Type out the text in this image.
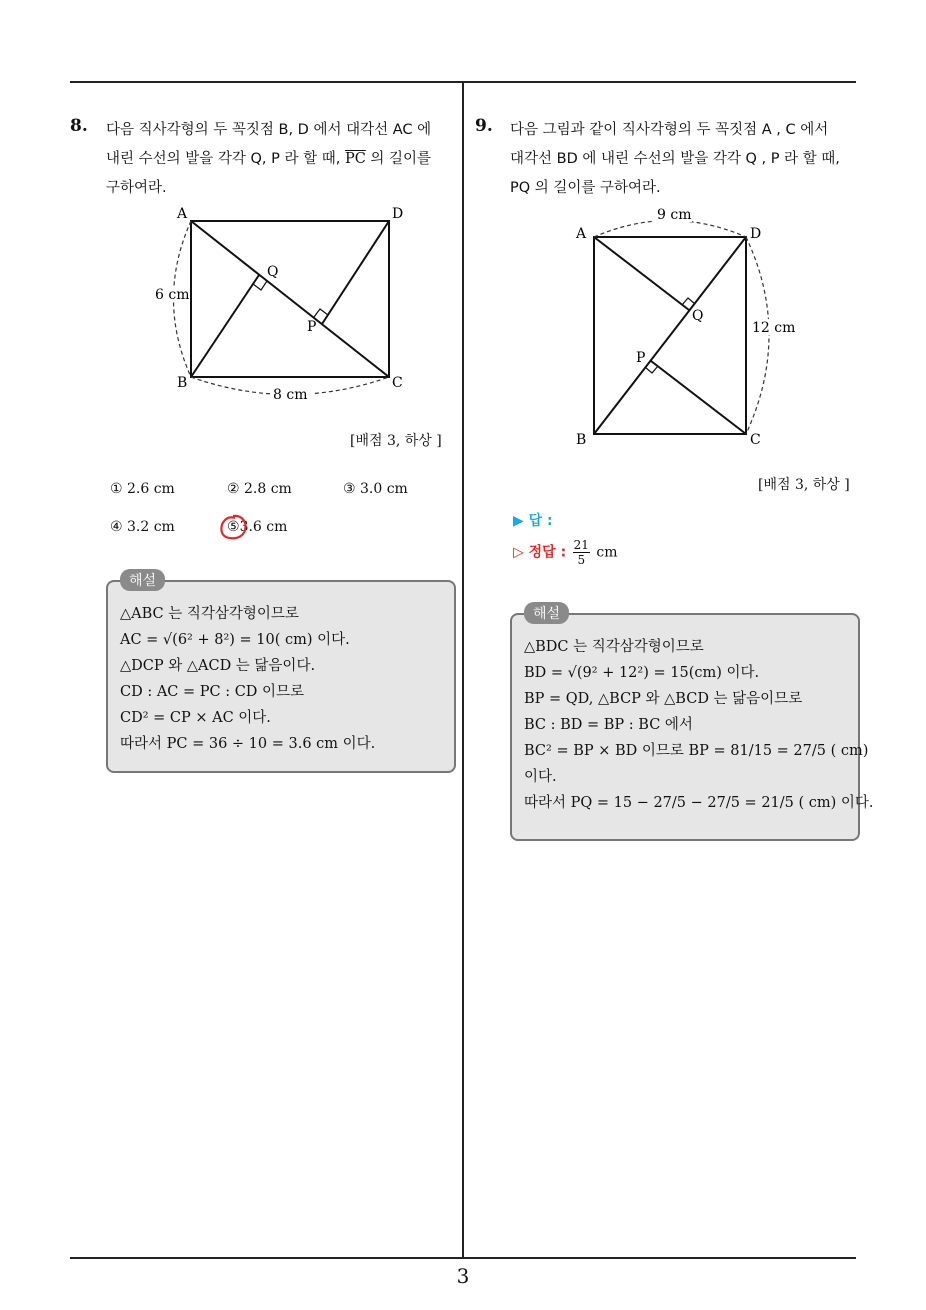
8. 다음 직사각형의 두 꼭짓점 B, D 에서 대각선 AC 에
내린 수선의 발을 각각 Q, P 라 할 때, $\overline{PC}$ 의 길이를
구하여라.
A	D
B	C
Q
P
6 cm
8 cm
[배점 3, 하상 ]
① 2.6 cm	② 2.8 cm	③ 3.0 cm
④ 3.2 cm	⑤3.6 cm
해설
△ABC 는 직각삼각형이므로
AC = √(6² + 8²) = 10( cm) 이다.
△DCP 와 △ACD 는 닮음이다.
CD : AC = PC : CD 이므로
CD² = CP × AC 이다.
따라서 PC = 36 ÷ 10 = 3.6 cm 이다.
9. 다음 그림과 같이 직사각형의 두 꼭짓점 A , C 에서
대각선 BD 에 내린 수선의 발을 각각 Q , P 라 할 때,
PQ 의 길이를 구하여라.
A	D
B	C
Q
P
9 cm
12 cm
[배점 3, 하상 ]
▶ 답 :
▷ 정답 : $\frac{21}{5}$ cm
해설
△BDC 는 직각삼각형이므로
BD = √(9² + 12²) = 15(cm) 이다.
BP = QD, △BCP 와 △BCD 는 닮음이므로
BC : BD = BP : BC 에서
BC² = BP × BD 이므로 BP = 81/15 = 27/5 ( cm)
이다.
따라서 PQ = 15 − 27/5 − 27/5 = 21/5 ( cm) 이다.
3
